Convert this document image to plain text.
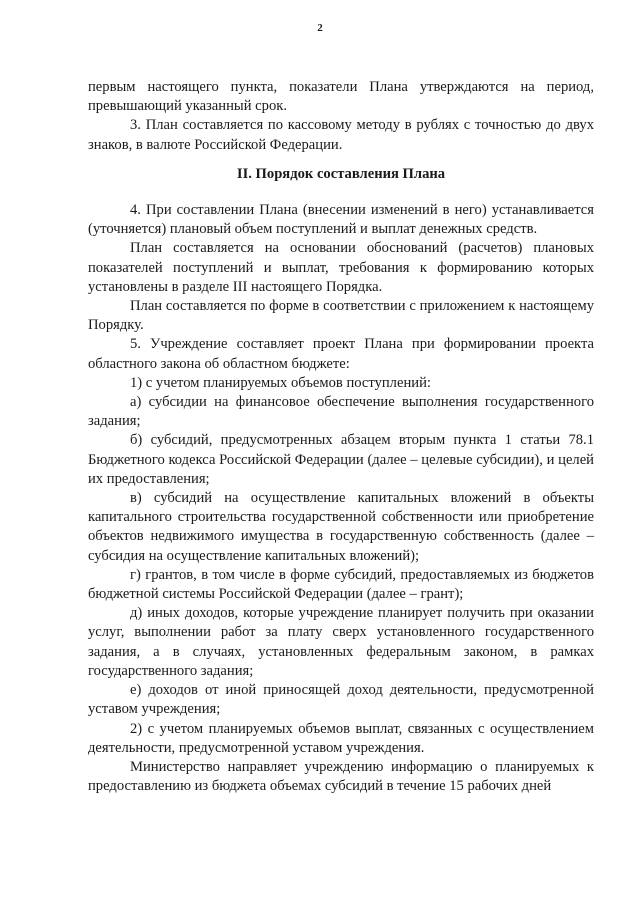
2

первым настоящего пункта, показатели Плана утверждаются на период, превышающий указанный срок.

3. План составляется по кассовому методу в рублях с точностью до двух знаков, в валюте Российской Федерации.

II. Порядок составления Плана

4. При составлении Плана (внесении изменений в него) устанавливается (уточняется) плановый объем поступлений и выплат денежных средств.

План составляется на основании обоснований (расчетов) плановых показателей поступлений и выплат, требования к формированию которых установлены в разделе III настоящего Порядка.

План составляется по форме в соответствии с приложением к настоящему Порядку.

5. Учреждение составляет проект Плана при формировании проекта областного закона об областном бюджете:

1) с учетом планируемых объемов поступлений:

а) субсидии на финансовое обеспечение выполнения государственного задания;

б) субсидий, предусмотренных абзацем вторым пункта 1 статьи 78.1 Бюджетного кодекса Российской Федерации (далее – целевые субсидии), и целей их предоставления;

в) субсидий на осуществление капитальных вложений в объекты капитального строительства государственной собственности или приобретение объектов недвижимого имущества в государственную собственность (далее – субсидия на осуществление капитальных вложений);

г) грантов, в том числе в форме субсидий, предоставляемых из бюджетов бюджетной системы Российской Федерации (далее – грант);

д) иных доходов, которые учреждение планирует получить при оказании услуг, выполнении работ за плату сверх установленного государственного задания, а в случаях, установленных федеральным законом, в рамках государственного задания;

е) доходов от иной приносящей доход деятельности, предусмотренной уставом учреждения;

2) с учетом планируемых объемов выплат, связанных с осуществлением деятельности, предусмотренной уставом учреждения.

Министерство направляет учреждению информацию о планируемых к предоставлению из бюджета объемах субсидий в течение 15 рабочих дней
